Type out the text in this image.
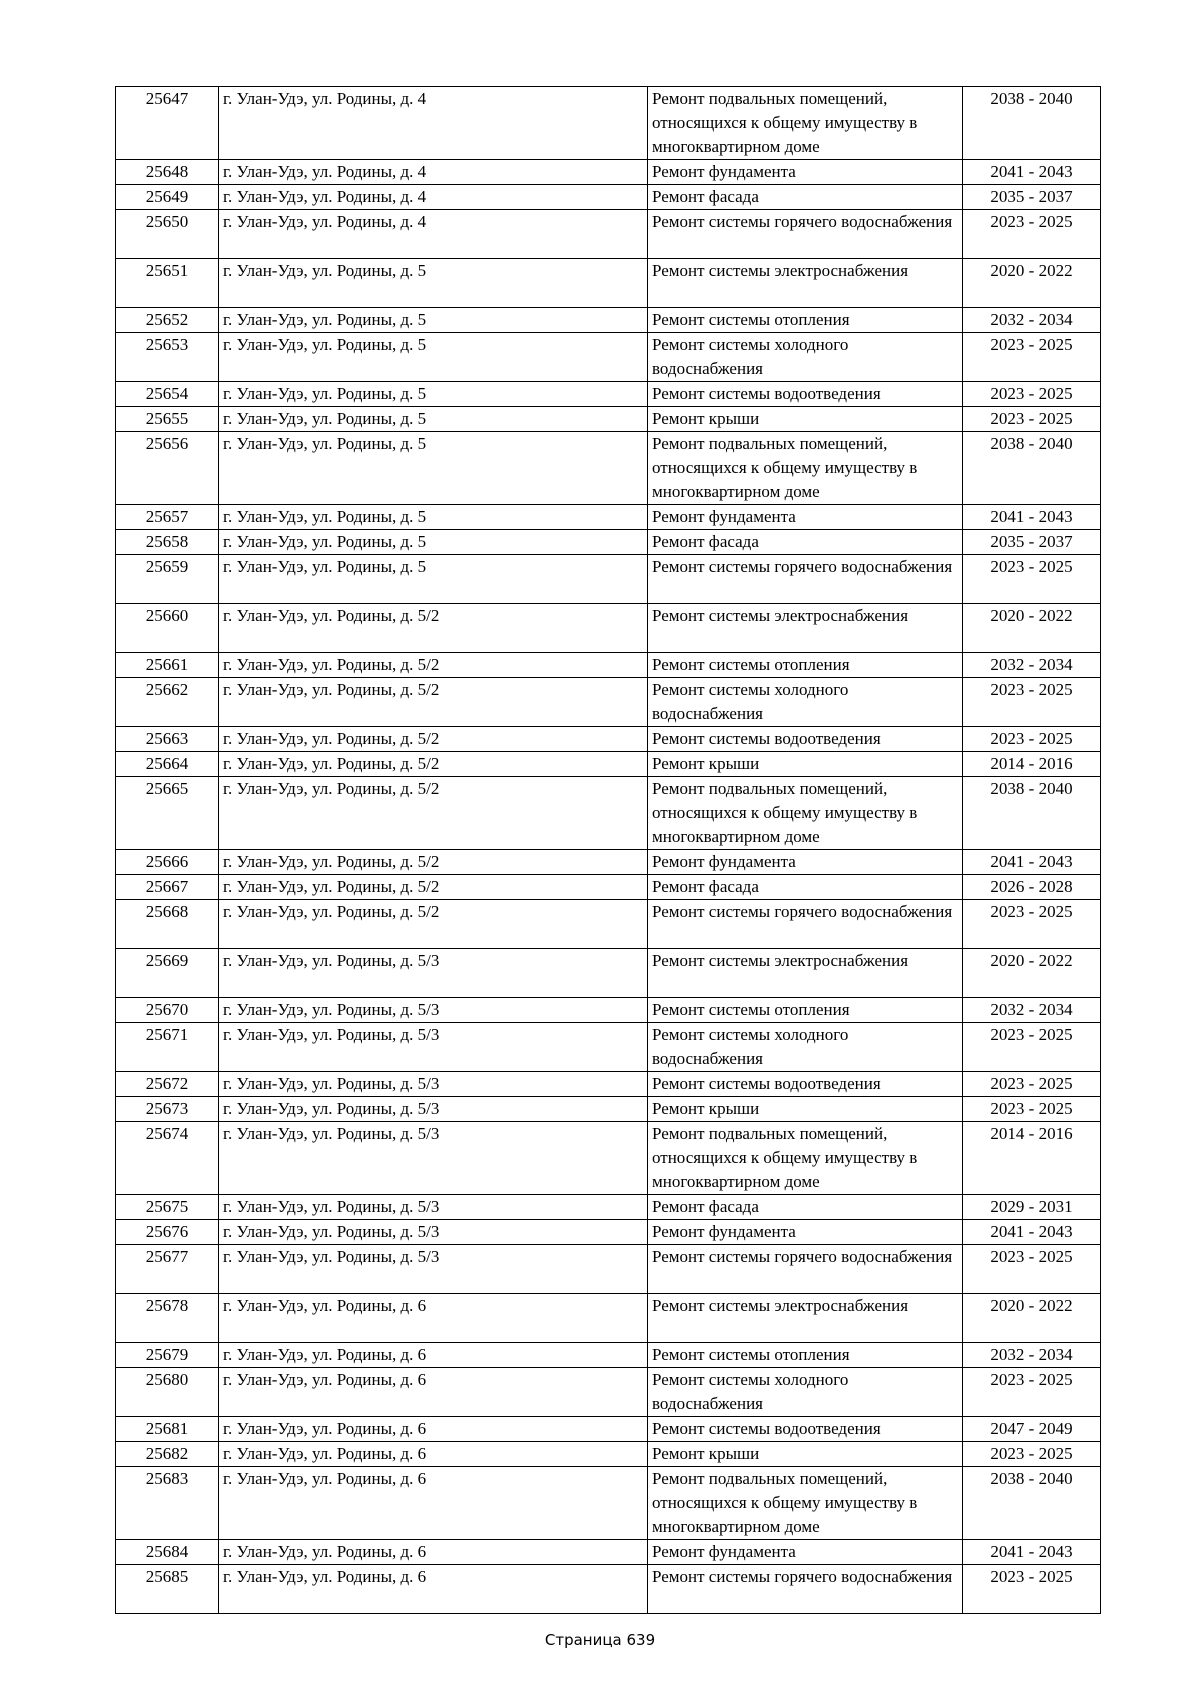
25647	г. Улан-Удэ, ул. Родины, д. 4	Ремонт подвальных помещений, относящихся к общему имуществу в многоквартирном доме	2038 - 2040
25648	г. Улан-Удэ, ул. Родины, д. 4	Ремонт фундамента	2041 - 2043
25649	г. Улан-Удэ, ул. Родины, д. 4	Ремонт фасада	2035 - 2037
25650	г. Улан-Удэ, ул. Родины, д. 4	Ремонт системы горячего водоснабжения	2023 - 2025
25651	г. Улан-Удэ, ул. Родины, д. 5	Ремонт системы электроснабжения	2020 - 2022
25652	г. Улан-Удэ, ул. Родины, д. 5	Ремонт системы отопления	2032 - 2034
25653	г. Улан-Удэ, ул. Родины, д. 5	Ремонт системы холодного водоснабжения	2023 - 2025
25654	г. Улан-Удэ, ул. Родины, д. 5	Ремонт системы водоотведения	2023 - 2025
25655	г. Улан-Удэ, ул. Родины, д. 5	Ремонт крыши	2023 - 2025
25656	г. Улан-Удэ, ул. Родины, д. 5	Ремонт подвальных помещений, относящихся к общему имуществу в многоквартирном доме	2038 - 2040
25657	г. Улан-Удэ, ул. Родины, д. 5	Ремонт фундамента	2041 - 2043
25658	г. Улан-Удэ, ул. Родины, д. 5	Ремонт фасада	2035 - 2037
25659	г. Улан-Удэ, ул. Родины, д. 5	Ремонт системы горячего водоснабжения	2023 - 2025
25660	г. Улан-Удэ, ул. Родины, д. 5/2	Ремонт системы электроснабжения	2020 - 2022
25661	г. Улан-Удэ, ул. Родины, д. 5/2	Ремонт системы отопления	2032 - 2034
25662	г. Улан-Удэ, ул. Родины, д. 5/2	Ремонт системы холодного водоснабжения	2023 - 2025
25663	г. Улан-Удэ, ул. Родины, д. 5/2	Ремонт системы водоотведения	2023 - 2025
25664	г. Улан-Удэ, ул. Родины, д. 5/2	Ремонт крыши	2014 - 2016
25665	г. Улан-Удэ, ул. Родины, д. 5/2	Ремонт подвальных помещений, относящихся к общему имуществу в многоквартирном доме	2038 - 2040
25666	г. Улан-Удэ, ул. Родины, д. 5/2	Ремонт фундамента	2041 - 2043
25667	г. Улан-Удэ, ул. Родины, д. 5/2	Ремонт фасада	2026 - 2028
25668	г. Улан-Удэ, ул. Родины, д. 5/2	Ремонт системы горячего водоснабжения	2023 - 2025
25669	г. Улан-Удэ, ул. Родины, д. 5/3	Ремонт системы электроснабжения	2020 - 2022
25670	г. Улан-Удэ, ул. Родины, д. 5/3	Ремонт системы отопления	2032 - 2034
25671	г. Улан-Удэ, ул. Родины, д. 5/3	Ремонт системы холодного водоснабжения	2023 - 2025
25672	г. Улан-Удэ, ул. Родины, д. 5/3	Ремонт системы водоотведения	2023 - 2025
25673	г. Улан-Удэ, ул. Родины, д. 5/3	Ремонт крыши	2023 - 2025
25674	г. Улан-Удэ, ул. Родины, д. 5/3	Ремонт подвальных помещений, относящихся к общему имуществу в многоквартирном доме	2014 - 2016
25675	г. Улан-Удэ, ул. Родины, д. 5/3	Ремонт фасада	2029 - 2031
25676	г. Улан-Удэ, ул. Родины, д. 5/3	Ремонт фундамента	2041 - 2043
25677	г. Улан-Удэ, ул. Родины, д. 5/3	Ремонт системы горячего водоснабжения	2023 - 2025
25678	г. Улан-Удэ, ул. Родины, д. 6	Ремонт системы электроснабжения	2020 - 2022
25679	г. Улан-Удэ, ул. Родины, д. 6	Ремонт системы отопления	2032 - 2034
25680	г. Улан-Удэ, ул. Родины, д. 6	Ремонт системы холодного водоснабжения	2023 - 2025
25681	г. Улан-Удэ, ул. Родины, д. 6	Ремонт системы водоотведения	2047 - 2049
25682	г. Улан-Удэ, ул. Родины, д. 6	Ремонт крыши	2023 - 2025
25683	г. Улан-Удэ, ул. Родины, д. 6	Ремонт подвальных помещений, относящихся к общему имуществу в многоквартирном доме	2038 - 2040
25684	г. Улан-Удэ, ул. Родины, д. 6	Ремонт фундамента	2041 - 2043
25685	г. Улан-Удэ, ул. Родины, д. 6	Ремонт системы горячего водоснабжения	2023 - 2025
Страница 639
